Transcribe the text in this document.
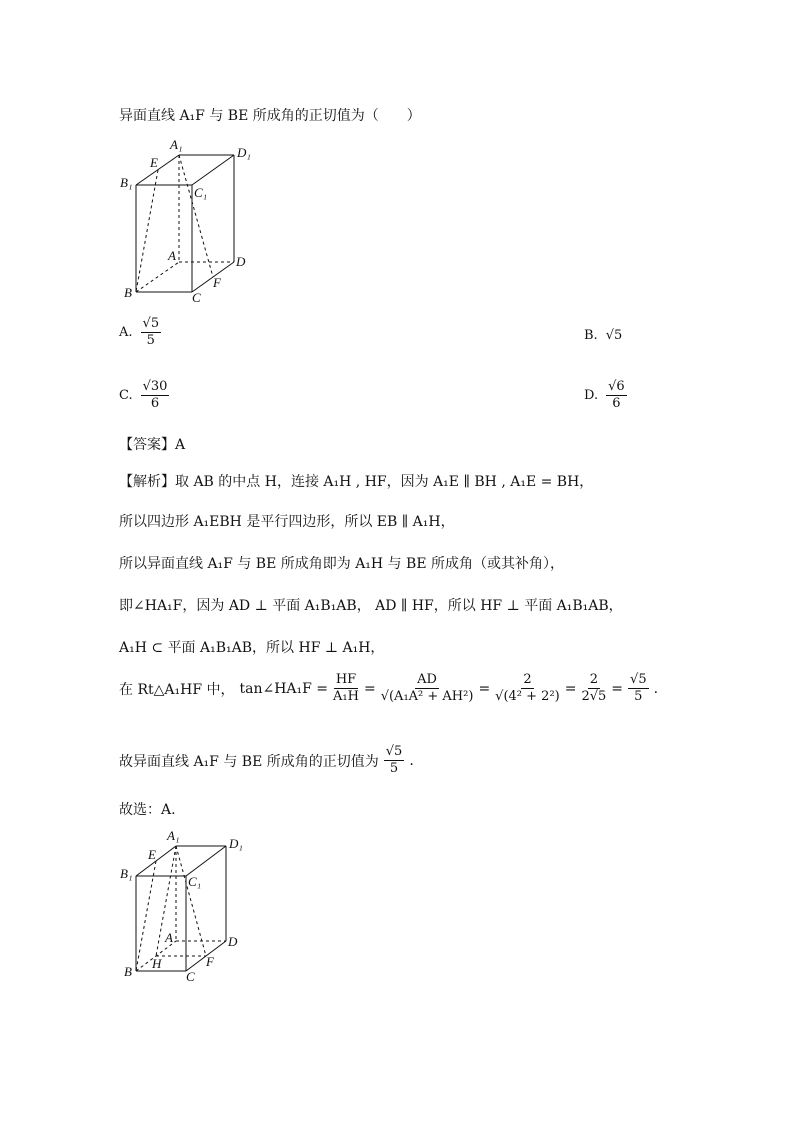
异面直线 A₁F 与 BE 所成角的正切值为（　　）
A₁
D₁
B₁
C₁
E
A	D
B	C
F
A. $\frac{√5}{5}$	B. √5
C. $\frac{√30}{6}$	D. $\frac{√6}{6}$
【答案】A
【解析】取 AB 的中点 H，连接 A₁H , HF，因为 A₁E ∥ BH , A₁E = BH，
所以四边形 A₁EBH 是平行四边形，所以 EB ∥ A₁H，
所以异面直线 A₁F 与 BE 所成角即为 A₁H 与 BE 所成角（或其补角），
即∠HA₁F，因为 AD ⊥ 平面 A₁B₁AB， AD ∥ HF，所以 HF ⊥ 平面 A₁B₁AB，
A₁H ⊂ 平面 A₁B₁AB，所以 HF ⊥ A₁H，
在 Rt△A₁HF 中， tan∠HA₁F = $\frac{HF}{\text{A₁H}} = \frac{AD}{\text{√(A₁A² + AH²)}} = \frac{2}{\text{√(4² + 2²)}} = \frac{2}{2√5} = \frac{√5}{5}$ .
故异面直线 A₁F 与 BE 所成角的正切值为 $\frac{√5}{5}$ .
故选：A.
A₁
D₁
B₁
C₁
E
A	D
B
H
C
F
